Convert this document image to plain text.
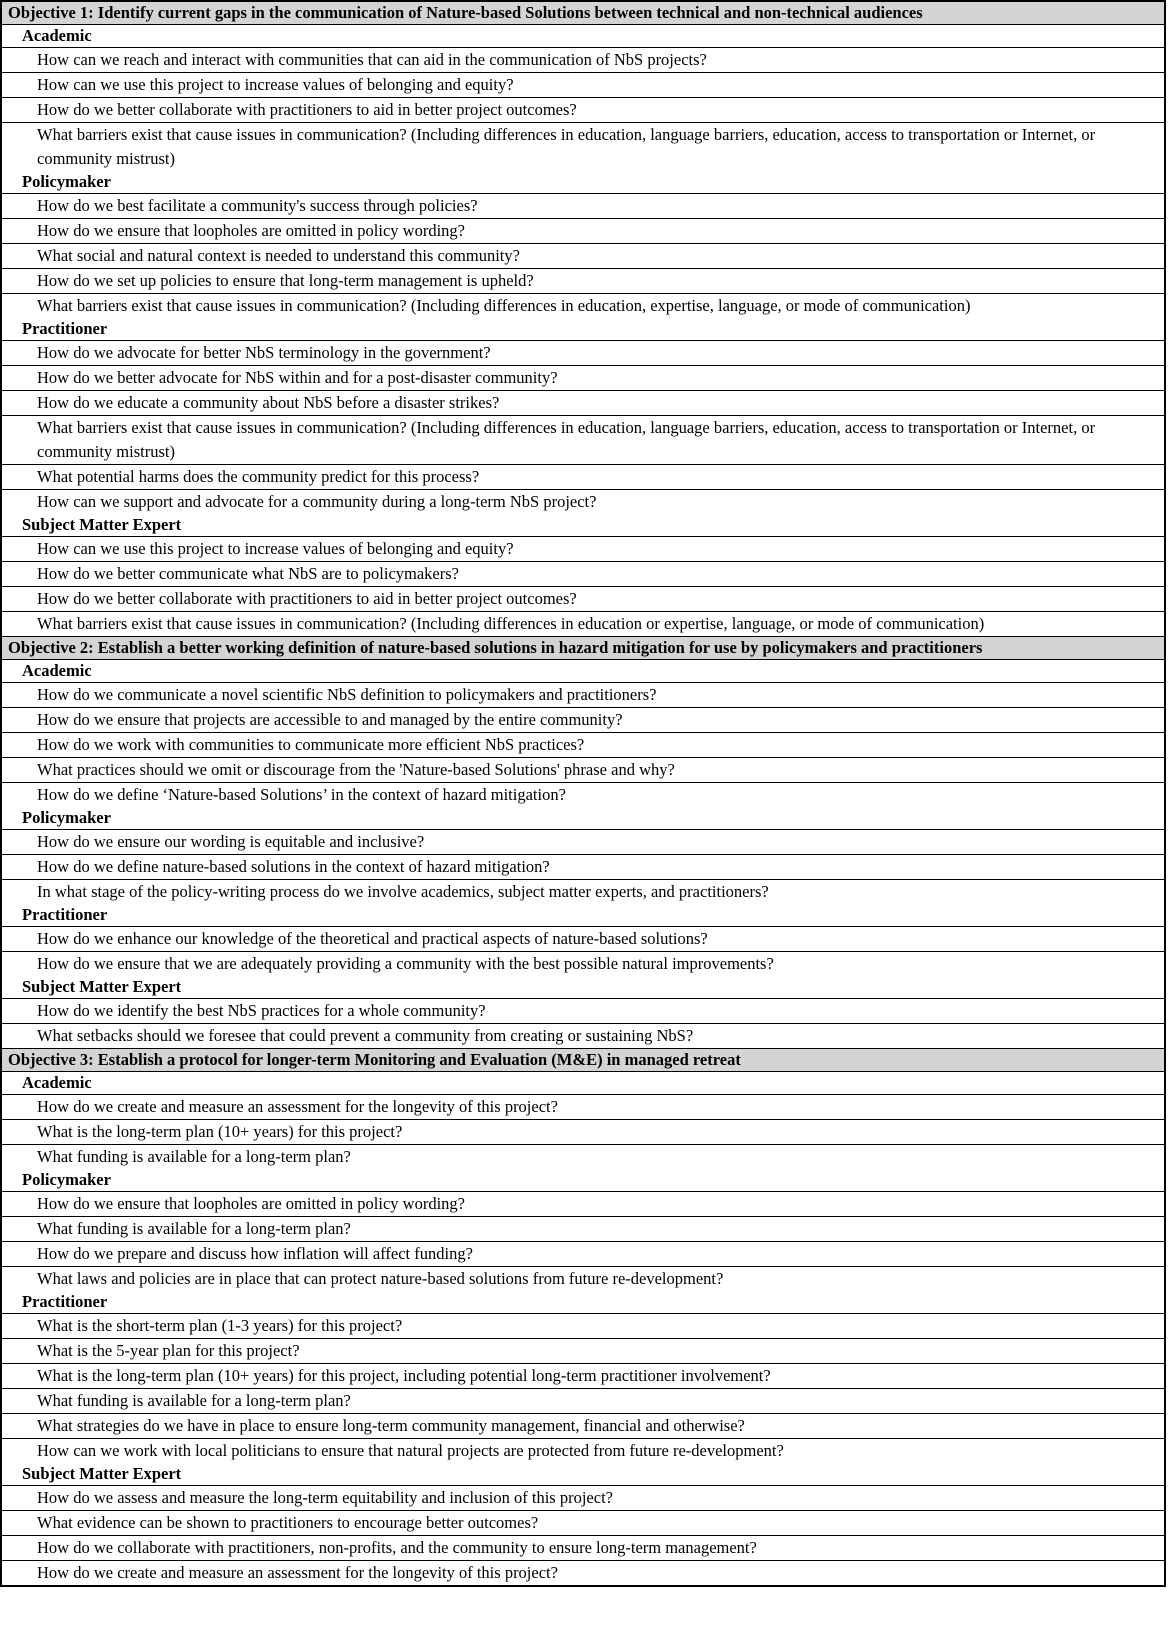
Objective 1: Identify current gaps in the communication of Nature-based Solutions between technical and non-technical audiences
Academic
How can we reach and interact with communities that can aid in the communication of NbS projects?
How can we use this project to increase values of belonging and equity?
How do we better collaborate with practitioners to aid in better project outcomes?
What barriers exist that cause issues in communication? (Including differences in education, language barriers, education, access to transportation or Internet, or community mistrust)
Policymaker
How do we best facilitate a community's success through policies?
How do we ensure that loopholes are omitted in policy wording?
What social and natural context is needed to understand this community?
How do we set up policies to ensure that long-term management is upheld?
What barriers exist that cause issues in communication? (Including differences in education, expertise, language, or mode of communication)
Practitioner
How do we advocate for better NbS terminology in the government?
How do we better advocate for NbS within and for a post-disaster community?
How do we educate a community about NbS before a disaster strikes?
What barriers exist that cause issues in communication? (Including differences in education, language barriers, education, access to transportation or Internet, or community mistrust)
What potential harms does the community predict for this process?
How can we support and advocate for a community during a long-term NbS project?
Subject Matter Expert
How can we use this project to increase values of belonging and equity?
How do we better communicate what NbS are to policymakers?
How do we better collaborate with practitioners to aid in better project outcomes?
What barriers exist that cause issues in communication? (Including differences in education or expertise, language, or mode of communication)
Objective 2: Establish a better working definition of nature-based solutions in hazard mitigation for use by policymakers and practitioners
Academic
How do we communicate a novel scientific NbS definition to policymakers and practitioners?
How do we ensure that projects are accessible to and managed by the entire community?
How do we work with communities to communicate more efficient NbS practices?
What practices should we omit or discourage from the 'Nature-based Solutions' phrase and why?
How do we define ‘Nature-based Solutions’ in the context of hazard mitigation?
Policymaker
How do we ensure our wording is equitable and inclusive?
How do we define nature-based solutions in the context of hazard mitigation?
In what stage of the policy-writing process do we involve academics, subject matter experts, and practitioners?
Practitioner
How do we enhance our knowledge of the theoretical and practical aspects of nature-based solutions?
How do we ensure that we are adequately providing a community with the best possible natural improvements?
Subject Matter Expert
How do we identify the best NbS practices for a whole community?
What setbacks should we foresee that could prevent a community from creating or sustaining NbS?
Objective 3: Establish a protocol for longer-term Monitoring and Evaluation (M&E) in managed retreat
Academic
How do we create and measure an assessment for the longevity of this project?
What is the long-term plan (10+ years) for this project?
What funding is available for a long-term plan?
Policymaker
How do we ensure that loopholes are omitted in policy wording?
What funding is available for a long-term plan?
How do we prepare and discuss how inflation will affect funding?
What laws and policies are in place that can protect nature-based solutions from future re-development?
Practitioner
What is the short-term plan (1-3 years) for this project?
What is the 5-year plan for this project?
What is the long-term plan (10+ years) for this project, including potential long-term practitioner involvement?
What funding is available for a long-term plan?
What strategies do we have in place to ensure long-term community management, financial and otherwise?
How can we work with local politicians to ensure that natural projects are protected from future re-development?
Subject Matter Expert
How do we assess and measure the long-term equitability and inclusion of this project?
What evidence can be shown to practitioners to encourage better outcomes?
How do we collaborate with practitioners, non-profits, and the community to ensure long-term management?
How do we create and measure an assessment for the longevity of this project?
